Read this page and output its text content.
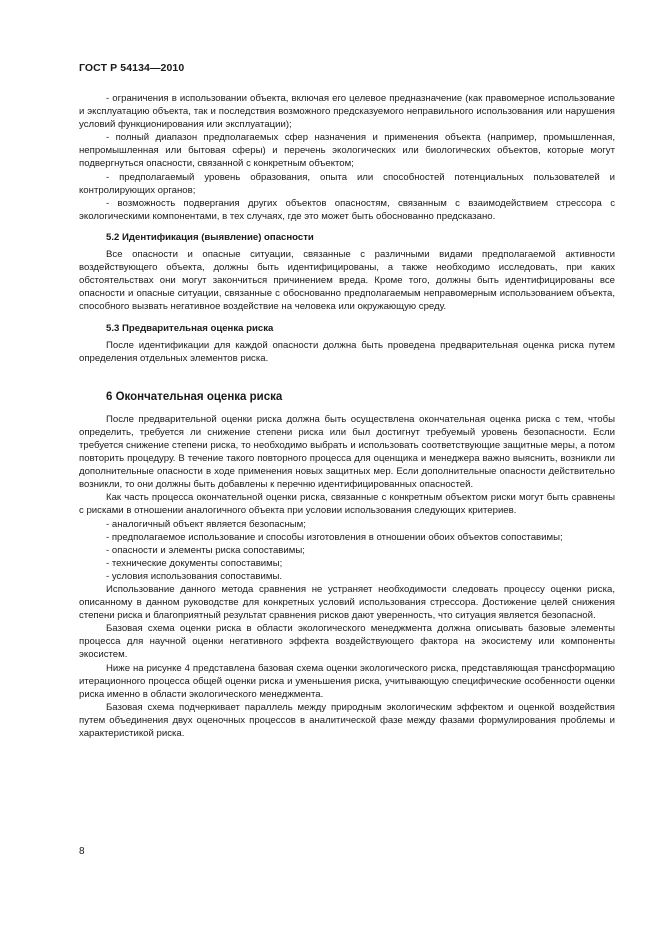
ГОСТ Р 54134—2010

- ограничения в использовании объекта, включая его целевое предназначение (как правомерное использование и эксплуатацию объекта, так и последствия возможного предсказуемого неправильного использования или нарушения условий функционирования или эксплуатации);

- полный диапазон предполагаемых сфер назначения и применения объекта (например, промышленная, непромышленная или бытовая сферы) и перечень экологических или биологических объектов, которые могут подвергнуться опасности, связанной с конкретным объектом;

- предполагаемый уровень образования, опыта или способностей потенциальных пользователей и контролирующих органов;

- возможность подвергания других объектов опасностям, связанным с взаимодействием стрессора с экологическими компонентами, в тех случаях, где это может быть обоснованно предсказано.

5.2 Идентификация (выявление) опасности

Все опасности и опасные ситуации, связанные с различными видами предполагаемой активности воздействующего объекта, должны быть идентифицированы, а также необходимо исследовать, при каких обстоятельствах они могут закончиться причинением вреда. Кроме того, должны быть идентифицированы все опасности и опасные ситуации, связанные с обоснованно предполагаемым неправомерным использованием объекта, способного вызвать негативное воздействие на человека или окружающую среду.

5.3 Предварительная оценка риска

После идентификации для каждой опасности должна быть проведена предварительная оценка риска путем определения отдельных элементов риска.

6 Окончательная оценка риска

После предварительной оценки риска должна быть осуществлена окончательная оценка риска с тем, чтобы определить, требуется ли снижение степени риска или был достигнут требуемый уровень безопасности. Если требуется снижение степени риска, то необходимо выбрать и использовать соответствующие защитные меры, а потом повторить процедуру. В течение такого повторного процесса для оценщика и менеджера важно выяснить, возникли ли дополнительные опасности в ходе применения новых защитных мер. Если дополнительные опасности действительно возникли, то они должны быть добавлены к перечню идентифицированных опасностей.

Как часть процесса окончательной оценки риска, связанные с конкретным объектом риски могут быть сравнены с рисками в отношении аналогичного объекта при условии использования следующих критериев.

- аналогичный объект является безопасным;

- предполагаемое использование и способы изготовления в отношении обоих объектов сопоставимы;

- опасности и элементы риска сопоставимы;

- технические документы сопоставимы;

- условия использования сопоставимы.

Использование данного метода сравнения не устраняет необходимости следовать процессу оценки риска, описанному в данном руководстве для конкретных условий использования стрессора. Достижение целей снижения степени риска и благоприятный результат сравнения рисков дают уверенность, что ситуация является безопасной.

Базовая схема оценки риска в области экологического менеджмента должна описывать базовые элементы процесса для научной оценки негативного эффекта воздействующего фактора на экосистему или компоненты экосистем.

Ниже на рисунке 4 представлена базовая схема оценки экологического риска, представляющая трансформацию итерационного процесса общей оценки риска и уменьшения риска, учитывающую специфические особенности оценки риска именно в области экологического менеджмента.

Базовая схема подчеркивает параллель между природным экологическим эффектом и оценкой воздействия путем объединения двух оценочных процессов в аналитической фазе между фазами формулирования проблемы и характеристикой риска.

8
